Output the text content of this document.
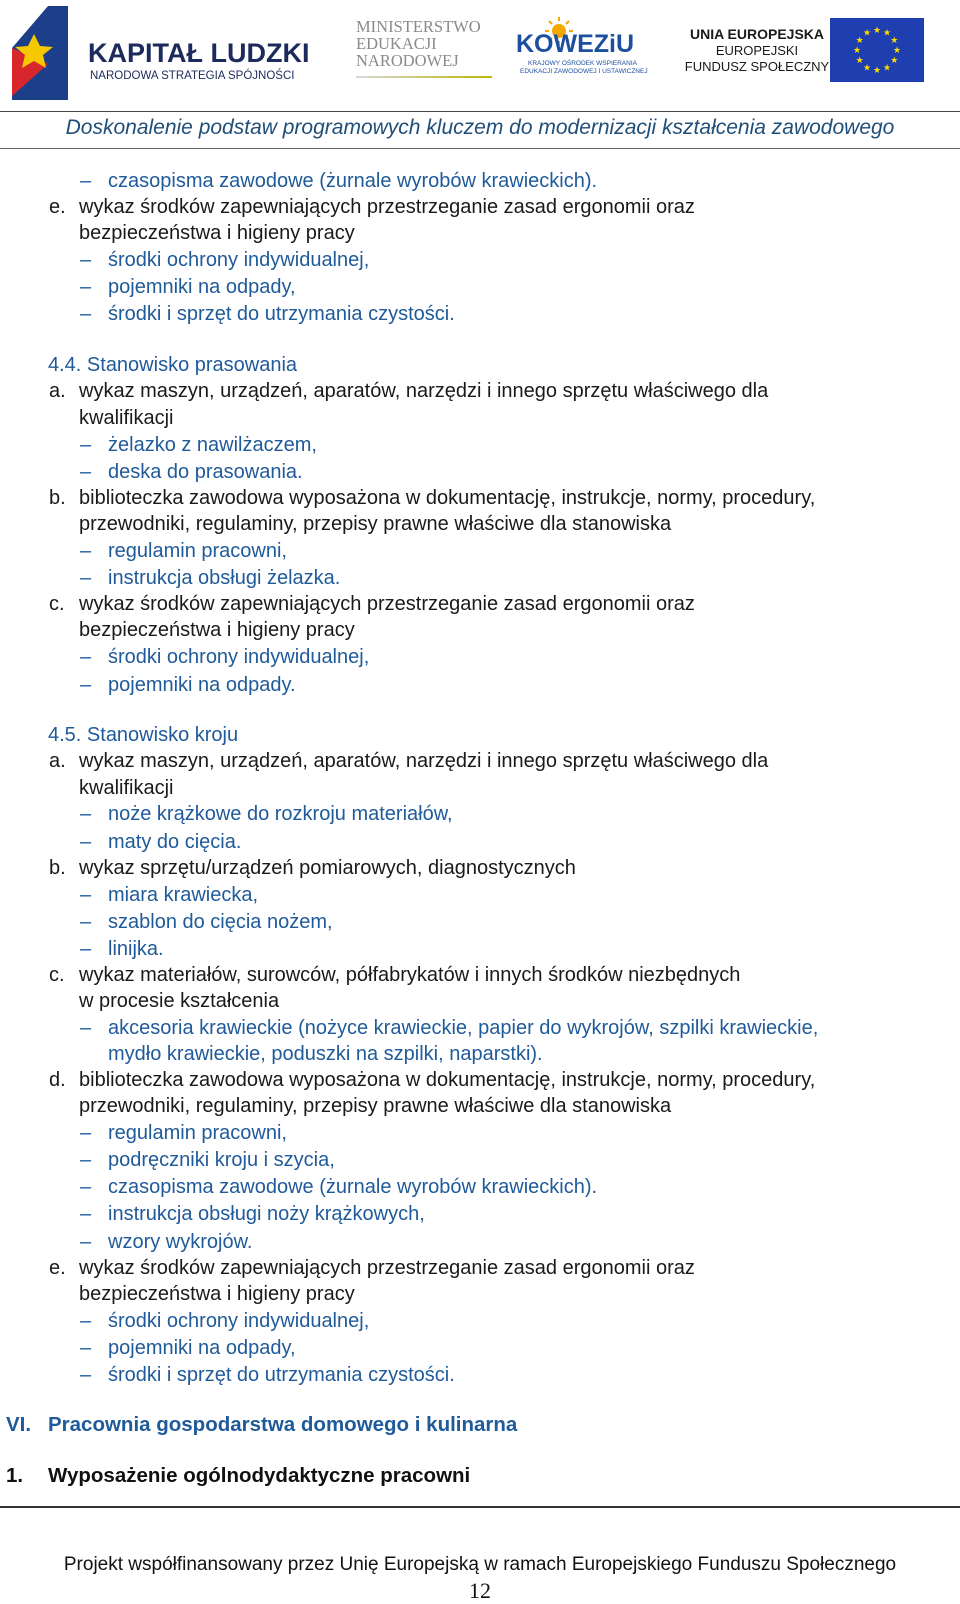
KAPITAŁ LUDZKI
NARODOWA STRATEGIA SPÓJNOŚCI
MINISTERSTWO
EDUKACJI
NARODOWEJ
KOWEZiU
KRAJOWY OŚRODEK WSPIERANIA
EDUKACJI ZAWODOWEJ I USTAWICZNEJ
UNIA EUROPEJSKA
EUROPEJSKI
FUNDUSZ SPOŁECZNY
★
★
★
★
★
★
★
★
★ ★ ★
★
Doskonalenie podstaw programowych kluczem do modernizacji kształcenia zawodowego
– czasopisma zawodowe (żurnale wyrobów krawieckich).
e. wykaz środków zapewniających przestrzeganie zasad ergonomii oraz
bezpieczeństwa i higieny pracy
– środki ochrony indywidualnej,
– pojemniki na odpady,
– środki i sprzęt do utrzymania czystości.
4.4. Stanowisko prasowania
a. wykaz maszyn, urządzeń, aparatów, narzędzi i innego sprzętu właściwego dla
kwalifikacji
– żelazko z nawilżaczem,
– deska do prasowania.
b. biblioteczka zawodowa wyposażona w dokumentację, instrukcje, normy, procedury,
przewodniki, regulaminy, przepisy prawne właściwe dla stanowiska
– regulamin pracowni,
– instrukcja obsługi żelazka.
c. wykaz środków zapewniających przestrzeganie zasad ergonomii oraz
bezpieczeństwa i higieny pracy
– środki ochrony indywidualnej,
– pojemniki na odpady.
4.5. Stanowisko kroju
a. wykaz maszyn, urządzeń, aparatów, narzędzi i innego sprzętu właściwego dla
kwalifikacji
– noże krążkowe do rozkroju materiałów,
– maty do cięcia.
b. wykaz sprzętu/urządzeń pomiarowych, diagnostycznych
– miara krawiecka,
– szablon do cięcia nożem,
– linijka.
c. wykaz materiałów, surowców, półfabrykatów i innych środków niezbędnych
w procesie kształcenia
– akcesoria krawieckie (nożyce krawieckie, papier do wykrojów, szpilki krawieckie,
mydło krawieckie, poduszki na szpilki, naparstki).
d. biblioteczka zawodowa wyposażona w dokumentację, instrukcje, normy, procedury,
przewodniki, regulaminy, przepisy prawne właściwe dla stanowiska
– regulamin pracowni,
– podręczniki kroju i szycia,
– czasopisma zawodowe (żurnale wyrobów krawieckich).
– instrukcja obsługi noży krążkowych,
– wzory wykrojów.
e. wykaz środków zapewniających przestrzeganie zasad ergonomii oraz
bezpieczeństwa i higieny pracy
– środki ochrony indywidualnej,
– pojemniki na odpady,
– środki i sprzęt do utrzymania czystości.
VI. Pracownia gospodarstwa domowego i kulinarna
1. Wyposażenie ogólnodydaktyczne pracowni
Projekt współfinansowany przez Unię Europejską w ramach Europejskiego Funduszu Społecznego
12
